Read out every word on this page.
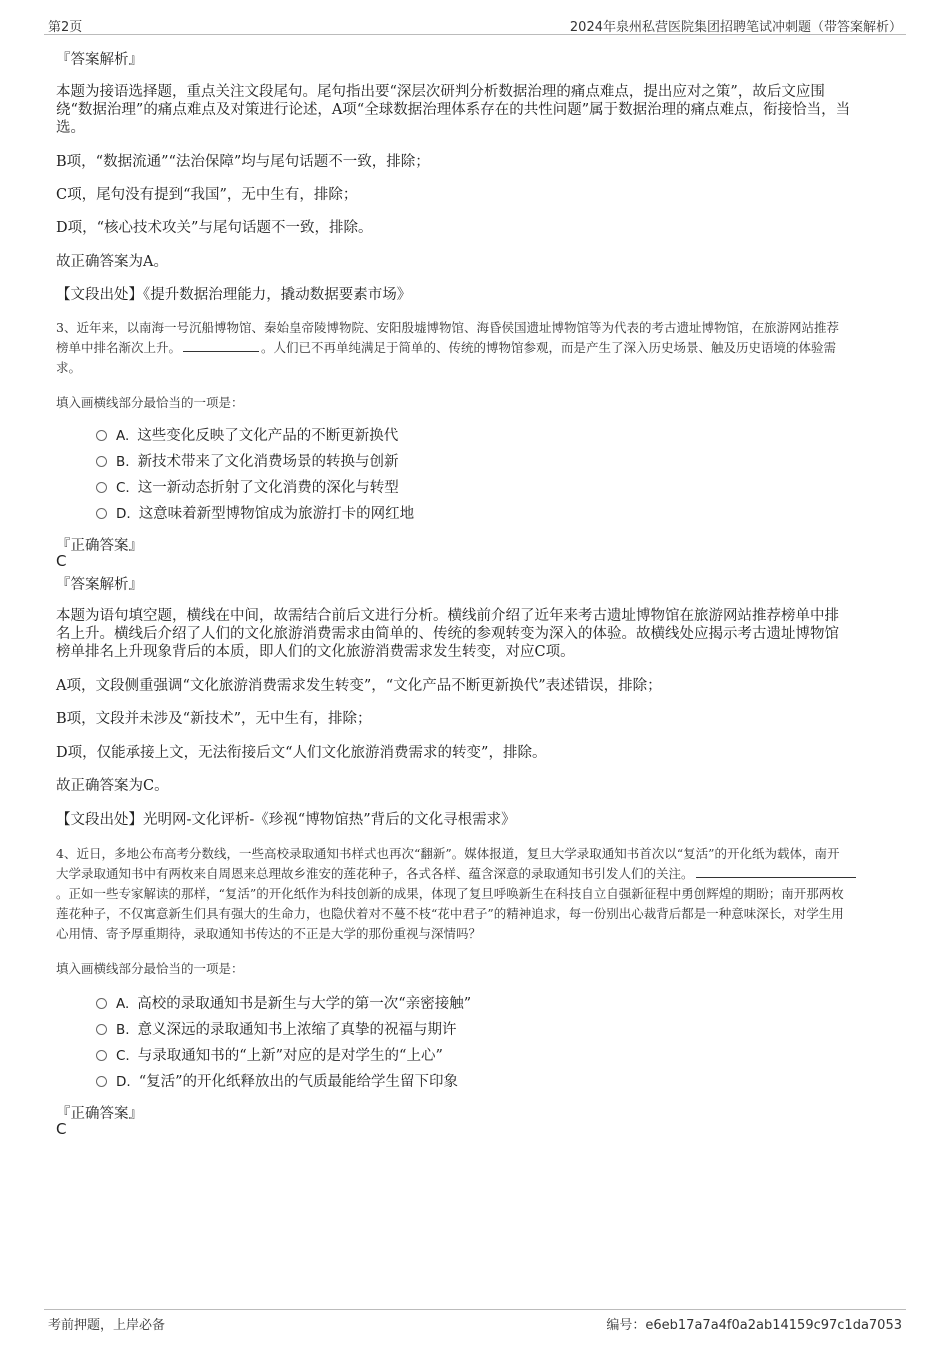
第2页	2024年泉州私营医院集团招聘笔试冲刺题（带答案解析）
『答案解析』
本题为接语选择题，重点关注文段尾句。尾句指出要“深层次研判分析数据治理的痛点难点，提出应对之策”，故后文应围
绕“数据治理”的痛点难点及对策进行论述，A项“全球数据治理体系存在的共性问题”属于数据治理的痛点难点，衔接恰当，当
选。
B项，“数据流通”“法治保障”均与尾句话题不一致，排除；
C项，尾句没有提到“我国”，无中生有，排除；
D项，“核心技术攻关”与尾句话题不一致，排除。
故正确答案为A。
【文段出处】《提升数据治理能力，撬动数据要素市场》
3、近年来，以南海一号沉船博物馆、秦始皇帝陵博物院、安阳殷墟博物馆、海昏侯国遗址博物馆等为代表的考古遗址博物馆，在旅游网站推荐
榜单中排名渐次上升。	。人们已不再单纯满足于简单的、传统的博物馆参观，而是产生了深入历史场景、触及历史语境的体验需
求。
填入画横线部分最恰当的一项是：
A. 这些变化反映了文化产品的不断更新换代
B. 新技术带来了文化消费场景的转换与创新
C. 这一新动态折射了文化消费的深化与转型
D. 这意味着新型博物馆成为旅游打卡的网红地
『正确答案』
C
『答案解析』
本题为语句填空题，横线在中间，故需结合前后文进行分析。横线前介绍了近年来考古遗址博物馆在旅游网站推荐榜单中排
名上升。横线后介绍了人们的文化旅游消费需求由简单的、传统的参观转变为深入的体验。故横线处应揭示考古遗址博物馆
榜单排名上升现象背后的本质，即人们的文化旅游消费需求发生转变，对应C项。
A项，文段侧重强调“文化旅游消费需求发生转变”，“文化产品不断更新换代”表述错误，排除；
B项，文段并未涉及“新技术”，无中生有，排除；
D项，仅能承接上文，无法衔接后文“人们文化旅游消费需求的转变”，排除。
故正确答案为C。
【文段出处】光明网-文化评析-《珍视“博物馆热”背后的文化寻根需求》
4、近日，多地公布高考分数线，一些高校录取通知书样式也再次“翻新”。媒体报道，复旦大学录取通知书首次以“复活”的开化纸为载体，南开
大学录取通知书中有两枚来自周恩来总理故乡淮安的莲花种子，各式各样、蕴含深意的录取通知书引发人们的关注。
。正如一些专家解读的那样，“复活”的开化纸作为科技创新的成果，体现了复旦呼唤新生在科技自立自强新征程中勇创辉煌的期盼；南开那两枚
莲花种子，不仅寓意新生们具有强大的生命力，也隐伏着对不蔓不枝“花中君子”的精神追求，每一份别出心裁背后都是一种意味深长，对学生用
心用情、寄予厚重期待，录取通知书传达的不正是大学的那份重视与深情吗？
填入画横线部分最恰当的一项是：
A. 高校的录取通知书是新生与大学的第一次“亲密接触”
B. 意义深远的录取通知书上浓缩了真挚的祝福与期许
C. 与录取通知书的“上新”对应的是对学生的“上心”
D. “复活”的开化纸释放出的气质最能给学生留下印象
『正确答案』
C
考前押题，上岸必备	编号：e6eb17a7a4f0a2ab14159c97c1da7053
